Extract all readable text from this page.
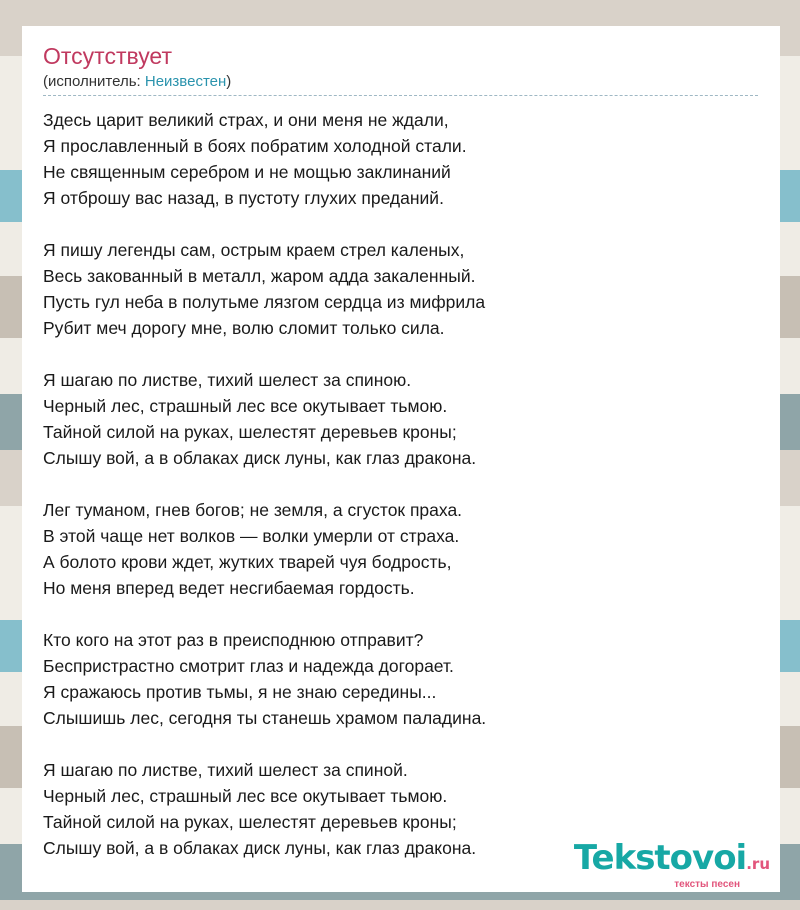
Отсутствует
(исполнитель: Неизвестен)
Здесь царит великий страх, и они меня не ждали,
Я прославленный в боях побратим холодной стали.
Не священным серебром и не мощью заклинаний
Я отброшу вас назад, в пустоту глухих преданий.
Я пишу легенды сам, острым краем стрел каленых,
Весь закованный в металл, жаром адда закаленный.
Пусть гул неба в полутьме лязгом сердца из мифрила
Рубит меч дорогу мне, волю сломит только сила.
Я шагаю по листве, тихий шелест за спиною.
Черный лес, страшный лес все окутывает тьмою.
Тайной силой на руках, шелестят деревьев кроны;
Слышу вой, а в облаках диск луны, как глаз дракона.
Лег туманом, гнев богов; не земля, а сгусток праха.
В этой чаще нет волков — волки умерли от страха.
А болото крови ждет, жутких тварей чуя бодрость,
Но меня вперед ведет несгибаемая гордость.
Кто кого на этот раз в преисподнюю отправит?
Беспристрастно смотрит глаз и надежда догорает.
Я сражаюсь против тьмы, я не знаю середины...
Слышишь лес, сегодня ты станешь храмом паладина.
Я шагаю по листве, тихий шелест за спиной.
Черный лес, страшный лес все окутывает тьмою.
Тайной силой на руках, шелестят деревьев кроны;
Слышу вой, а в облаках диск луны, как глаз дракона.	Tekstovoi.ru
тексты песен
